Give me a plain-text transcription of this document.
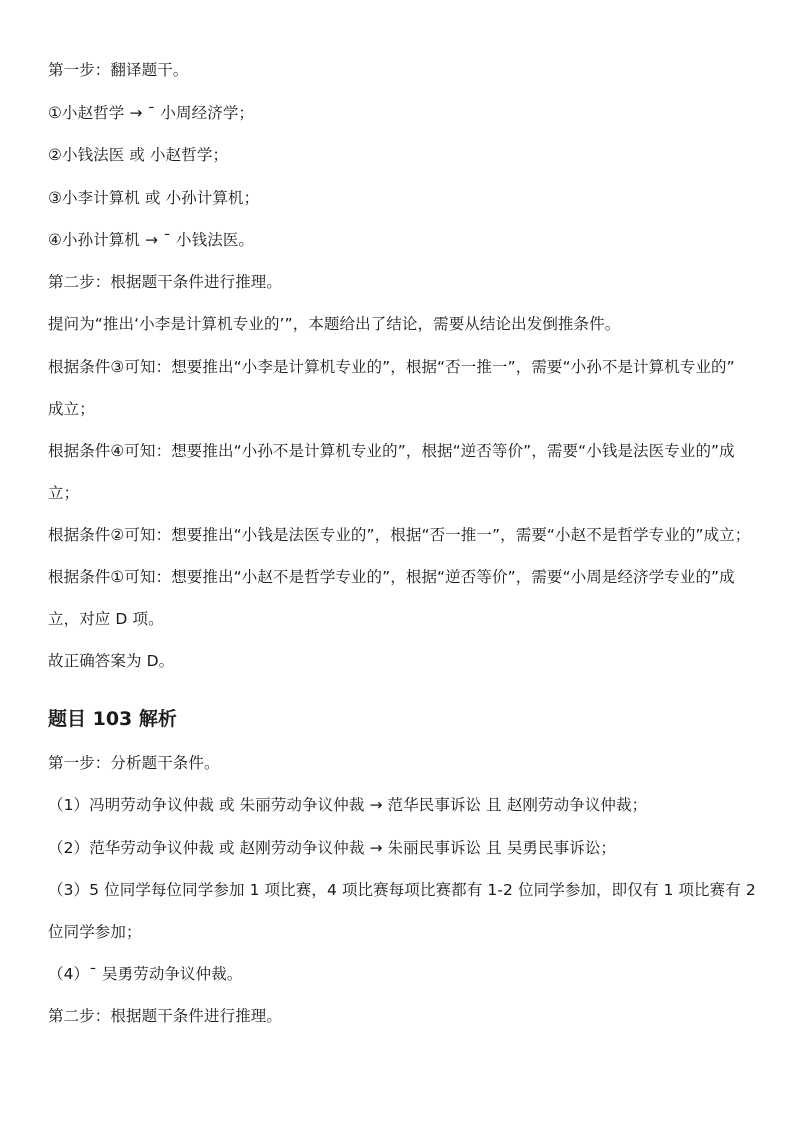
第一步：翻译题干。
①小赵哲学 → ¯ 小周经济学；
②小钱法医 或 小赵哲学；
③小李计算机 或 小孙计算机；
④小孙计算机 → ¯ 小钱法医。
第二步：根据题干条件进行推理。
提问为“推出‘小李是计算机专业的’”，本题给出了结论，需要从结论出发倒推条件。
根据条件③可知：想要推出“小李是计算机专业的”，根据“否一推一”，需要“小孙不是计算机专业的”
成立；
根据条件④可知：想要推出“小孙不是计算机专业的”，根据“逆否等价”，需要“小钱是法医专业的”成
立；
根据条件②可知：想要推出“小钱是法医专业的”，根据“否一推一”，需要“小赵不是哲学专业的”成立；
根据条件①可知：想要推出“小赵不是哲学专业的”，根据“逆否等价”，需要“小周是经济学专业的”成
立，对应 D 项。
故正确答案为 D。
题目 103 解析
第一步：分析题干条件。
（1）冯明劳动争议仲裁 或 朱丽劳动争议仲裁 → 范华民事诉讼 且 赵刚劳动争议仲裁；
（2）范华劳动争议仲裁 或 赵刚劳动争议仲裁 → 朱丽民事诉讼 且 吴勇民事诉讼；
（3）5 位同学每位同学参加 1 项比赛，4 项比赛每项比赛都有 1-2 位同学参加，即仅有 1 项比赛有 2
位同学参加；
（4）¯ 吴勇劳动争议仲裁。
第二步：根据题干条件进行推理。
